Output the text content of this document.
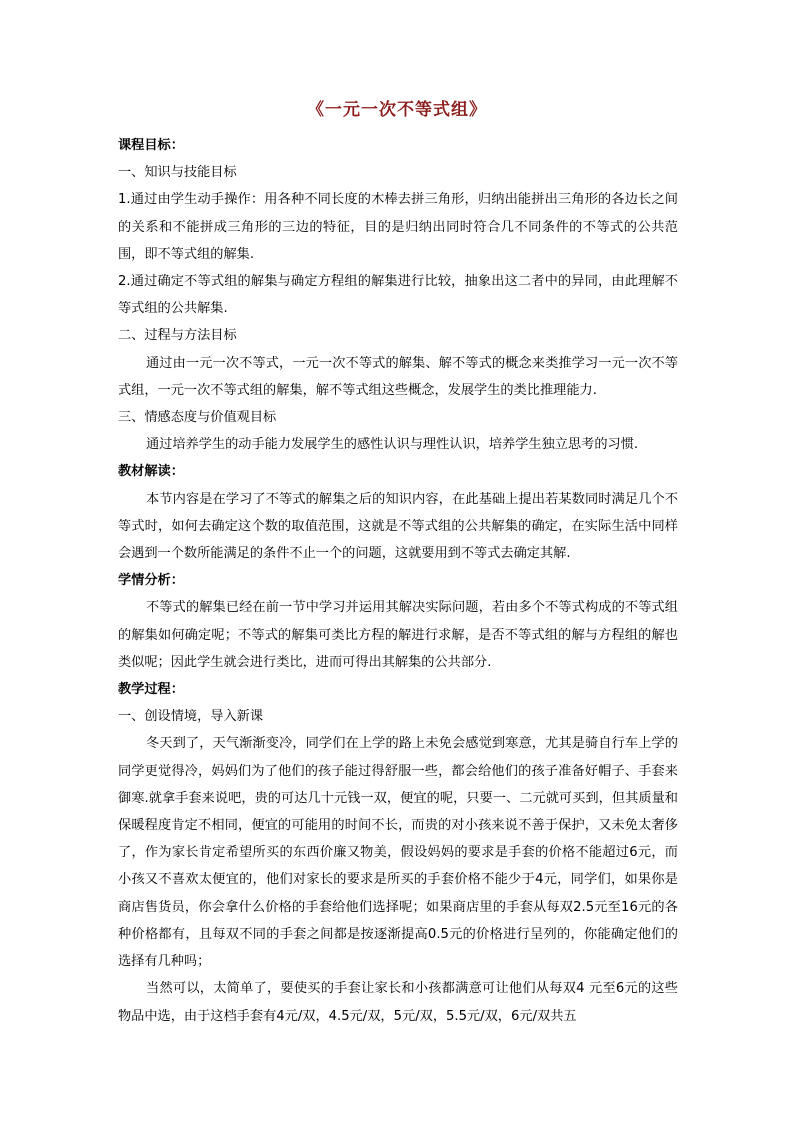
《一元一次不等式组》

课程目标：

一、知识与技能目标

1.通过由学生动手操作：用各种不同长度的木棒去拼三角形，归纳出能拼出三角形的各边长之间的关系和不能拼成三角形的三边的特征，目的是归纳出同时符合几不同条件的不等式的公共范围，即不等式组的解集.

2.通过确定不等式组的解集与确定方程组的解集进行比较，抽象出这二者中的异同，由此理解不等式组的公共解集.

二、过程与方法目标

通过由一元一次不等式，一元一次不等式的解集、解不等式的概念来类推学习一元一次不等式组，一元一次不等式组的解集，解不等式组这些概念，发展学生的类比推理能力.

三、情感态度与价值观目标

通过培养学生的动手能力发展学生的感性认识与理性认识，培养学生独立思考的习惯.

教材解读：

本节内容是在学习了不等式的解集之后的知识内容，在此基础上提出若某数同时满足几个不等式时，如何去确定这个数的取值范围，这就是不等式组的公共解集的确定，在实际生活中同样会遇到一个数所能满足的条件不止一个的问题，这就要用到不等式去确定其解.

学情分析：

不等式的解集已经在前一节中学习并运用其解决实际问题，若由多个不等式构成的不等式组的解集如何确定呢；不等式的解集可类比方程的解进行求解，是否不等式组的解与方程组的解也类似呢；因此学生就会进行类比，进而可得出其解集的公共部分.

教学过程：

一、创设情境，导入新课

冬天到了，天气渐渐变冷，同学们在上学的路上未免会感觉到寒意，尤其是骑自行车上学的同学更觉得冷，妈妈们为了他们的孩子能过得舒服一些，都会给他们的孩子准备好帽子、手套来御寒.就拿手套来说吧，贵的可达几十元钱一双，便宜的呢，只要一、二元就可买到，但其质量和保暖程度肯定不相同，便宜的可能用的时间不长，而贵的对小孩来说不善于保护，又未免太奢侈了，作为家长肯定希望所买的东西价廉又物美，假设妈妈的要求是手套的价格不能超过6元，而小孩又不喜欢太便宜的，他们对家长的要求是所买的手套价格不能少于4元，同学们，如果你是商店售货员，你会拿什么价格的手套给他们选择呢；如果商店里的手套从每双2.5元至16元的各种价格都有，且每双不同的手套之间都是按逐渐提高0.5元的价格进行呈列的，你能确定他们的选择有几种吗；

当然可以，太简单了，要使买的手套让家长和小孩都满意可让他们从每双4 元至6元的这些物品中选，由于这档手套有4元/双，4.5元/双，5元/双，5.5元/双，6元/双共五
